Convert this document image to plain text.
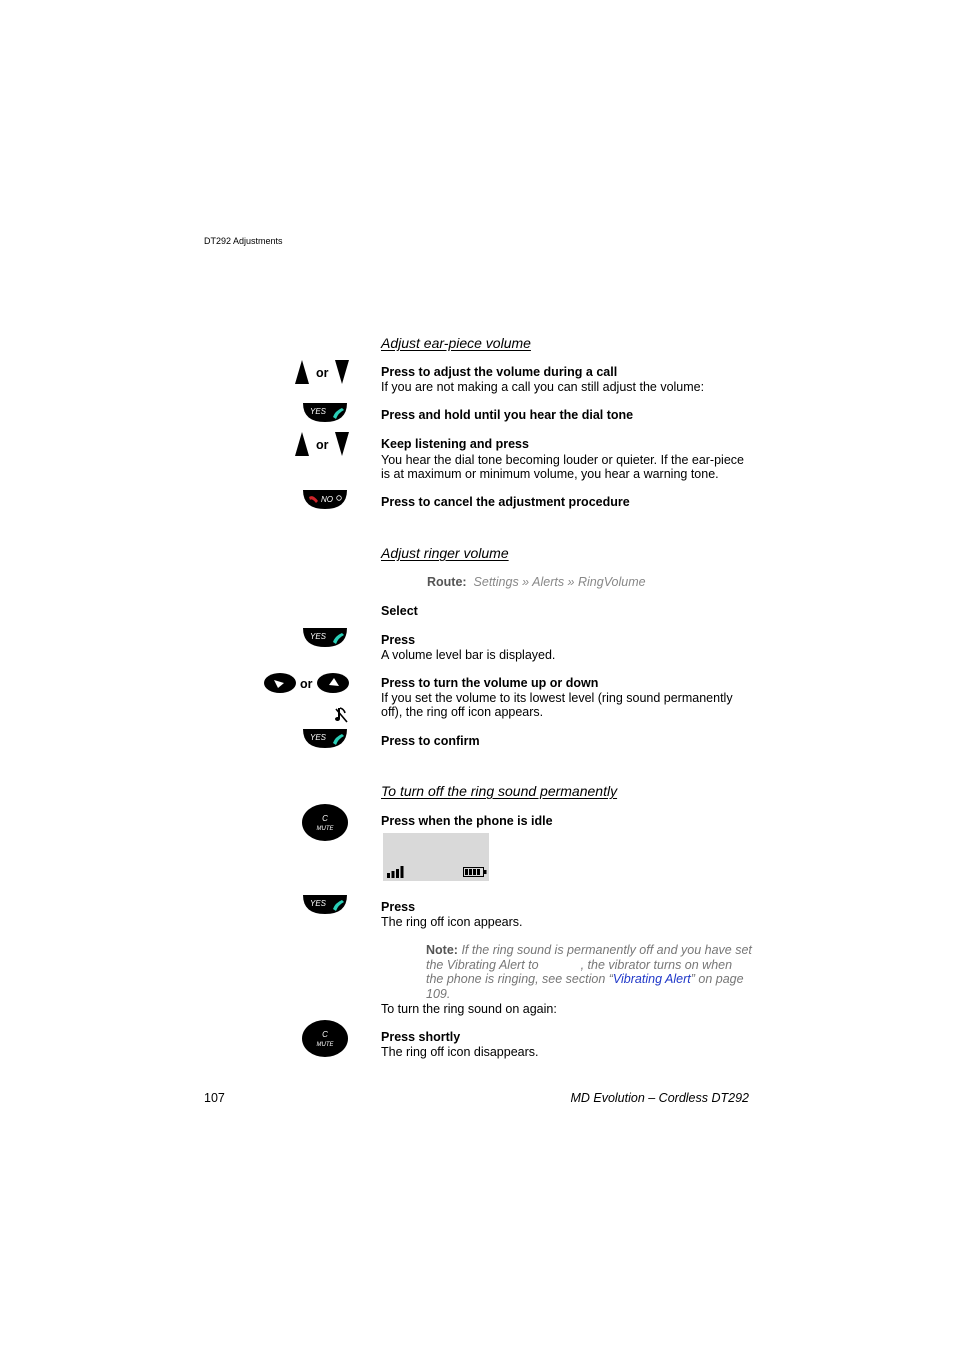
DT292 Adjustments
Adjust ear-piece volume
or	Press to adjust the volume during a call
If you are not making a call you can still adjust the volume:
YES	Press and hold until you hear the dial tone
or	Keep listening and press
You hear the dial tone becoming louder or quieter. If the ear-piece is at maximum or minimum volume, you hear a warning tone.
NO	Press to cancel the adjustment procedure
Adjust ringer volume
Route: Settings » Alerts » RingVolume
Select
YES	Press
A volume level bar is displayed.
or	Press to turn the volume up or down
If you set the volume to its lowest level (ring sound permanently off), the ring off icon appears.
YES	Press to confirm
To turn off the ring sound permanently
C
MUTE
Press when the phone is idle
YES	Press
The ring off icon appears.
Note: If the ring sound is permanently off and you have set the Vibrating Alert to	, the vibrator turns on when the phone is ringing, see section “Vibrating Alert” on page 109.
To turn the ring sound on again:
C
MUTE
Press shortly
The ring off icon disappears.
107	MD Evolution – Cordless DT292
